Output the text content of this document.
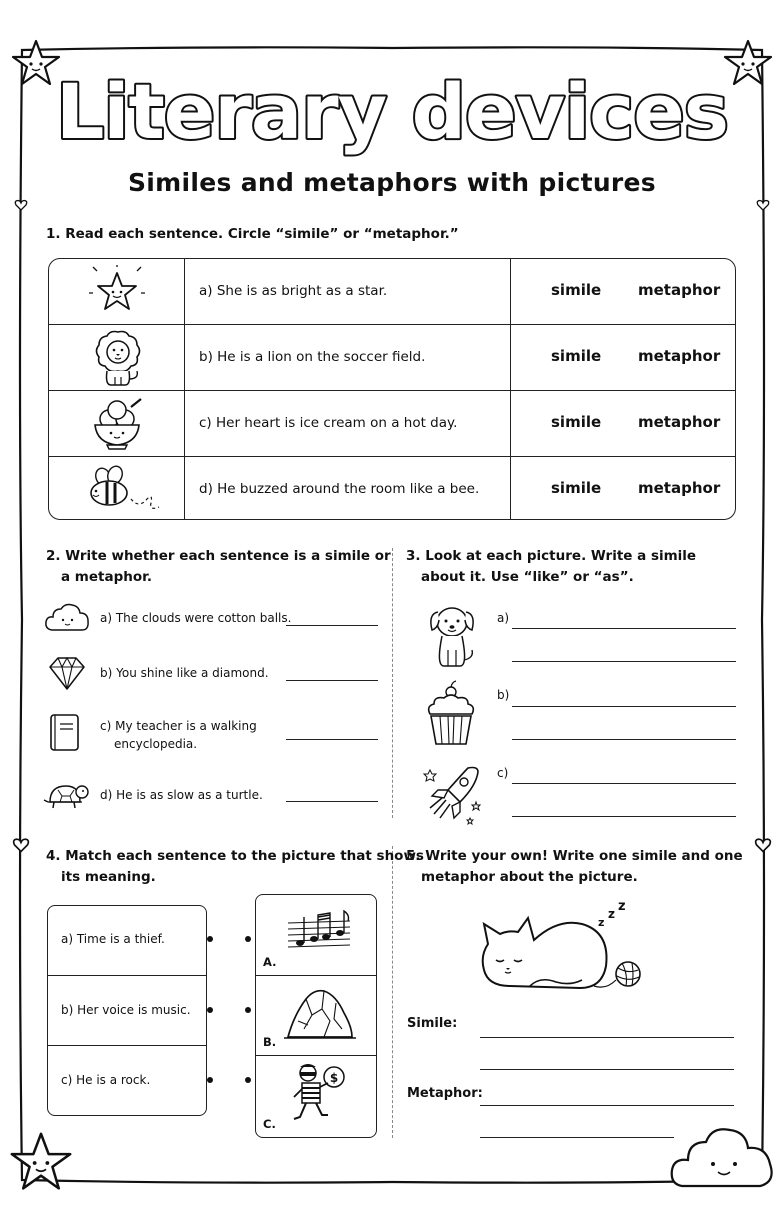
Literary devices
Similes and metaphors with pictures
1. Read each sentence. Circle “simile” or “metaphor.”
a) She is as bright as a star.
b) He is a lion on the soccer field.
c) Her heart is ice cream on a hot day.
d) He buzzed around the room like a bee.
simile metaphor
simile metaphor
simile metaphor
simile metaphor
2. Write whether each sentence is a simile or
a metaphor.
a) The clouds were cotton balls.
b) You shine like a diamond.
c) My teacher is a walking
encyclopedia.
d) He is as slow as a turtle.
3. Look at each picture. Write a simile
about it. Use “like” or “as”.
a)
b)
c)
4. Match each sentence to the picture that shows
its meaning.
a) Time is a thief.
b) Her voice is music.
c) He is a rock.
A.
B.
C.
$
5. Write your own! Write one simile and one
metaphor about the picture.
z
z z
Simile:
Metaphor:
